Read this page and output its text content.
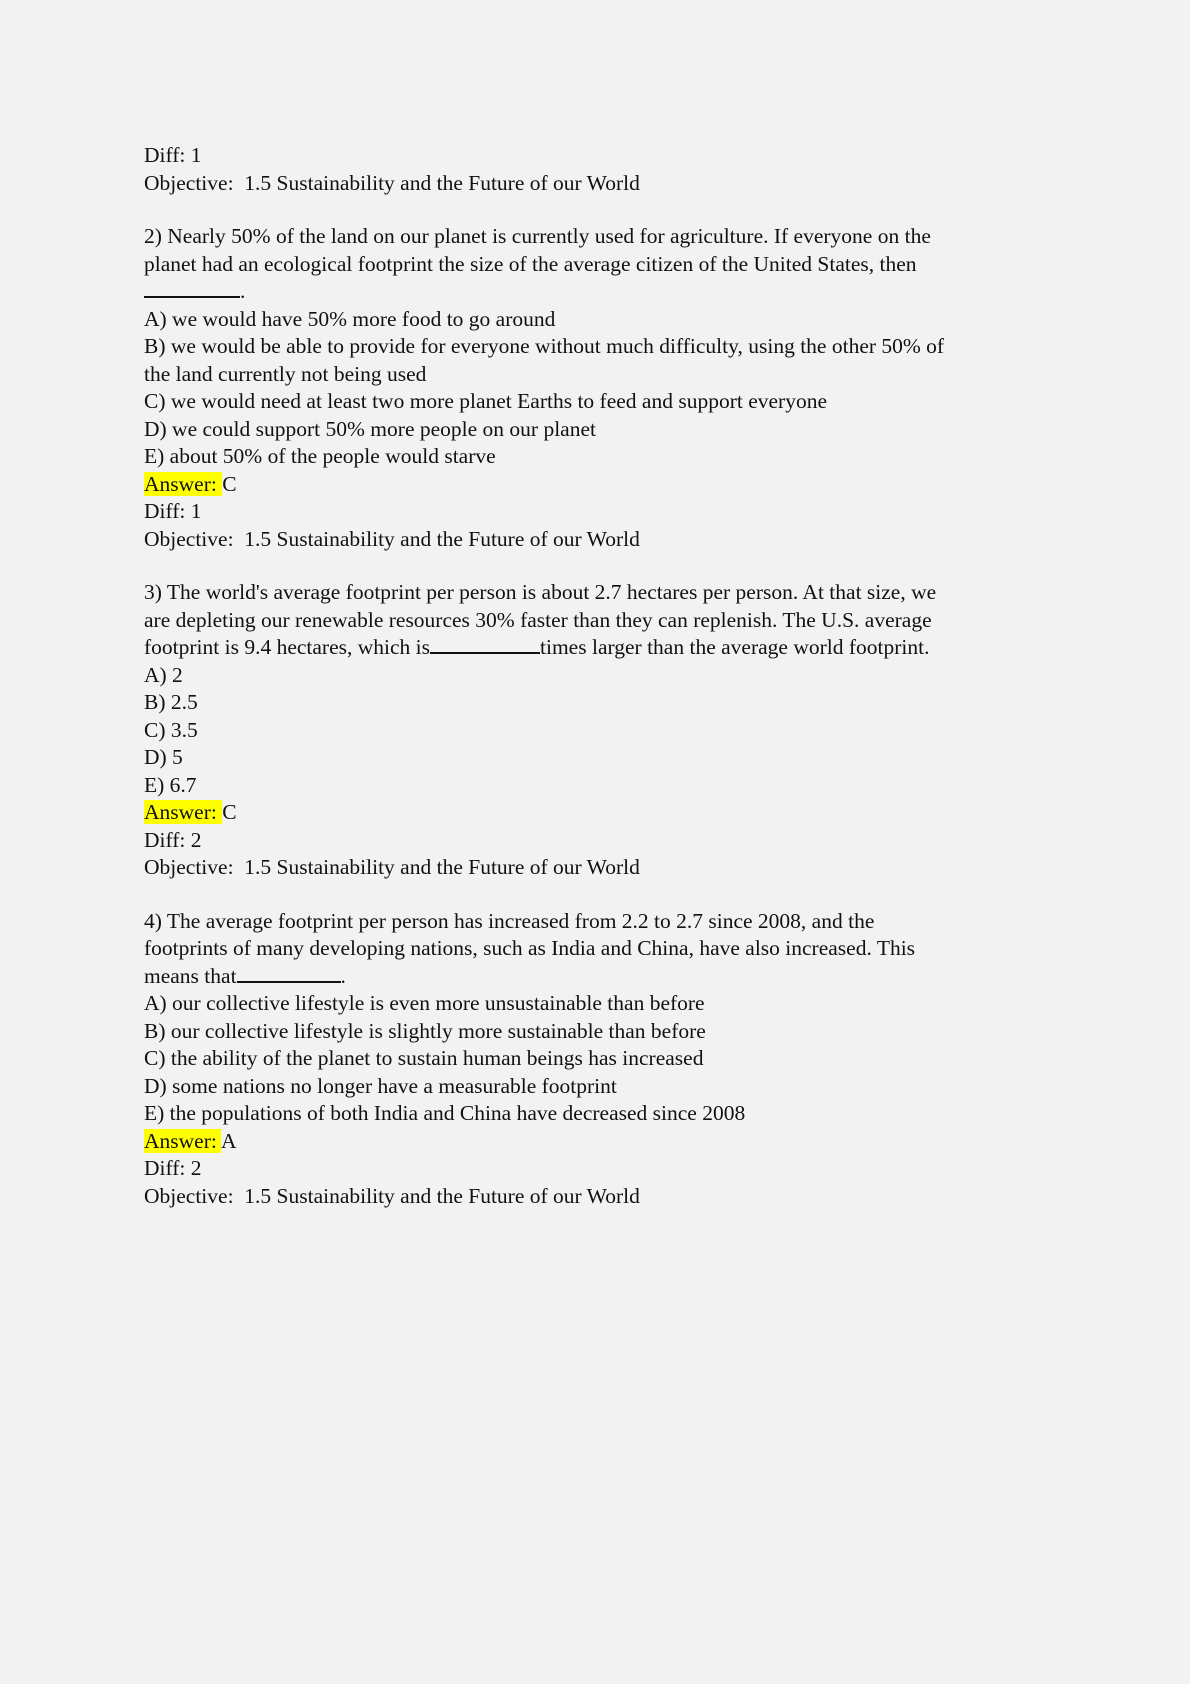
Diff: 1
Objective:  1.5 Sustainability and the Future of our World
2) Nearly 50% of the land on our planet is currently used for agriculture. If everyone on the
planet had an ecological footprint the size of the average citizen of the United States, then
.
A) we would have 50% more food to go around
B) we would be able to provide for everyone without much difficulty, using the other 50% of
the land currently not being used
C) we would need at least two more planet Earths to feed and support everyone
D) we could support 50% more people on our planet
E) about 50% of the people would starve
Answer: C
Diff: 1
Objective:  1.5 Sustainability and the Future of our World
3) The world's average footprint per person is about 2.7 hectares per person. At that size, we
are depleting our renewable resources 30% faster than they can replenish. The U.S. average
footprint is 9.4 hectares, which is	times larger than the average world footprint.
A) 2
B) 2.5
C) 3.5
D) 5
E) 6.7
Answer: C
Diff: 2
Objective:  1.5 Sustainability and the Future of our World
4) The average footprint per person has increased from 2.2 to 2.7 since 2008, and the
footprints of many developing nations, such as India and China, have also increased. This
means that	.
A) our collective lifestyle is even more unsustainable than before
B) our collective lifestyle is slightly more sustainable than before
C) the ability of the planet to sustain human beings has increased
D) some nations no longer have a measurable footprint
E) the populations of both India and China have decreased since 2008
Answer: A
Diff: 2
Objective:  1.5 Sustainability and the Future of our World
